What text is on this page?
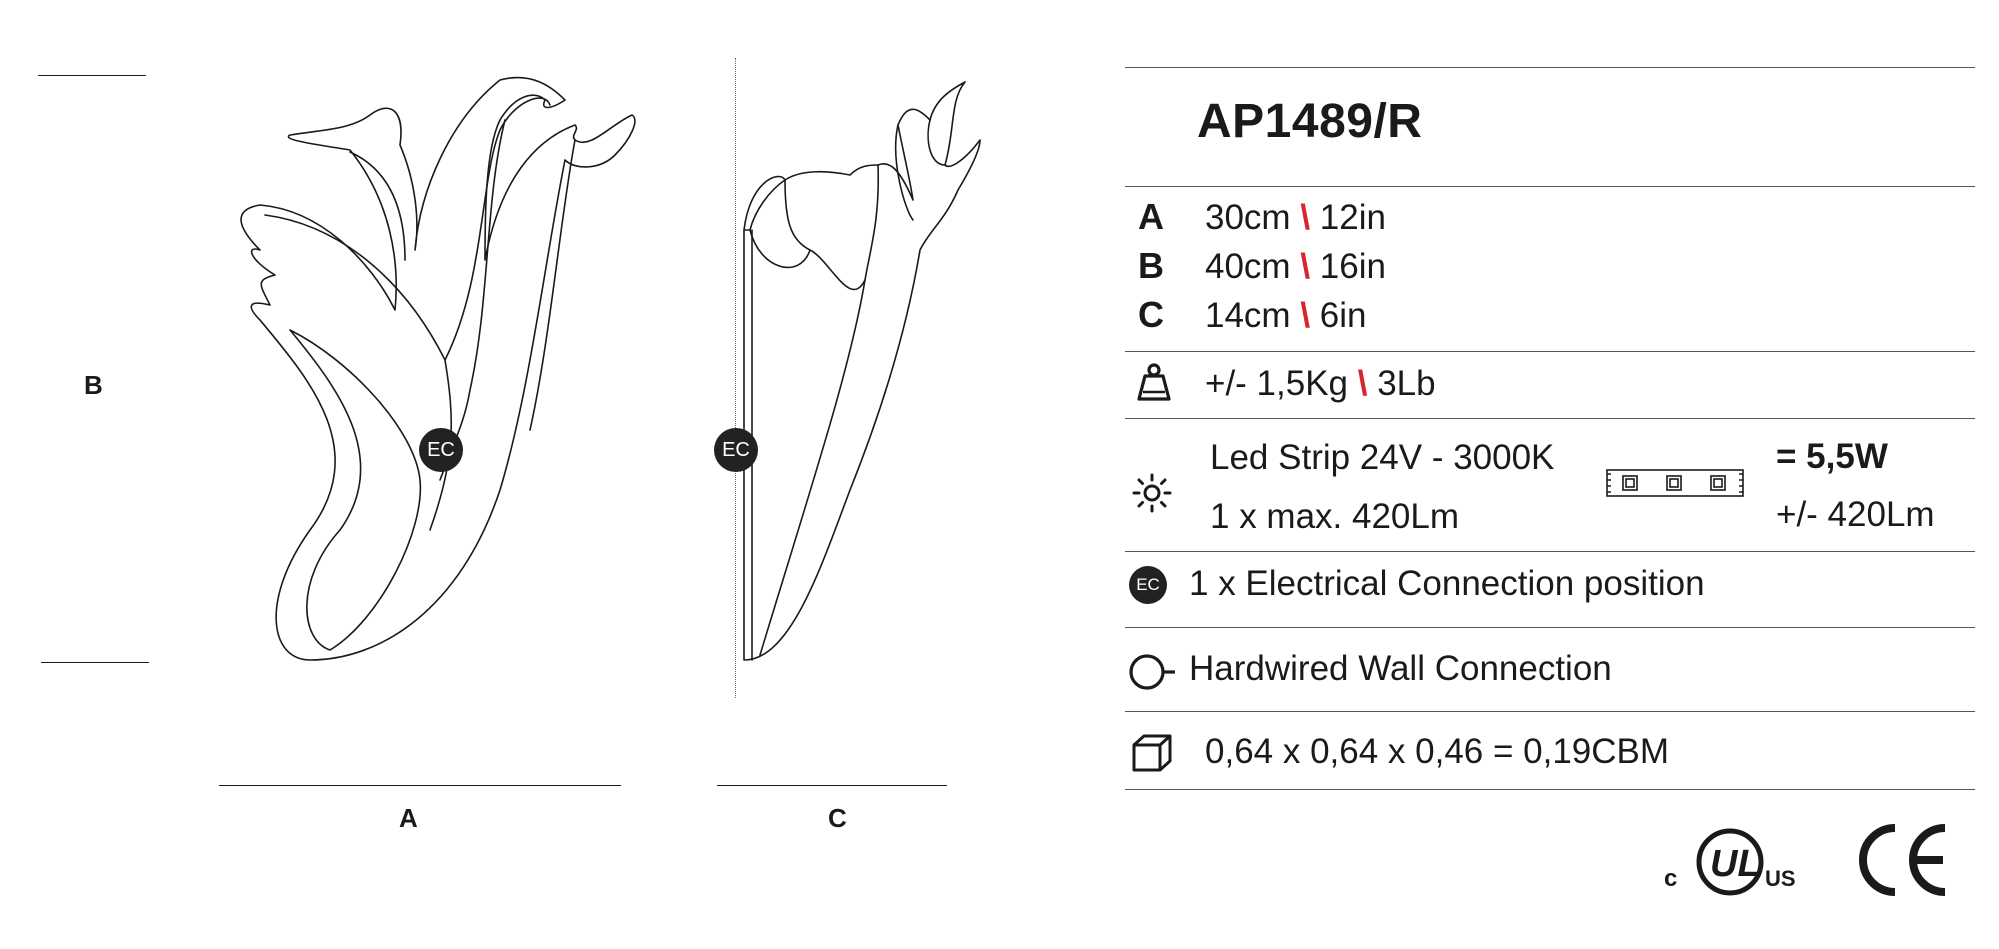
B
EC
A
EC
C
AP1489/R
A 30cm \ 12in
B 40cm \ 16in
C 14cm \ 6in
+/- 1,5Kg \ 3Lb
Led Strip 24V - 3000K
1 x max. 420Lm
= 5,5W
+/- 420Lm
EC 1 x Electrical Connection position
Hardwired Wall Connection
0,64 x 0,64 x 0,46 = 0,19CBM
c UL US
